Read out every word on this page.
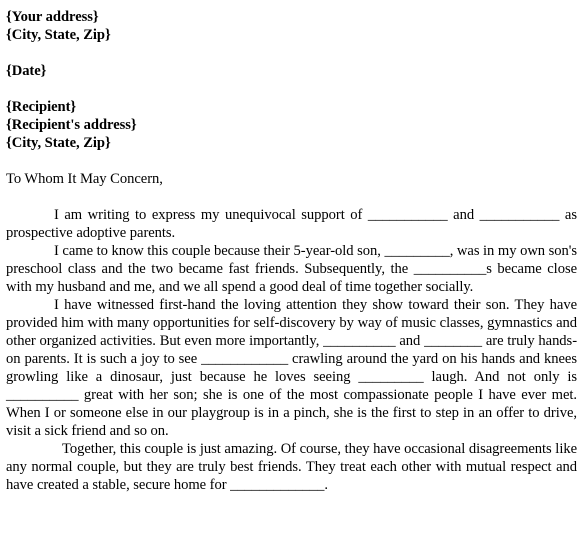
{Your address}
{City, State, Zip}
{Date}
{Recipient}
{Recipient's address}
{City, State, Zip}
To Whom It May Concern,

I am writing to express my unequivocal support of ___________ and ___________ as prospective adoptive parents.

I came to know this couple because their 5-year-old son, _________, was in my own son's preschool class and the two became fast friends. Subsequently, the __________s became close with my husband and me, and we all spend a good deal of time together socially.

I have witnessed first-hand the loving attention they show toward their son. They have provided him with many opportunities for self-discovery by way of music classes, gymnastics and other organized activities. But even more importantly, __________ and ________ are truly hands-on parents. It is such a joy to see ____________ crawling around the yard on his hands and knees growling like a dinosaur, just because he loves seeing _________ laugh. And not only is __________ great with her son; she is one of the most compassionate people I have ever met. When I or someone else in our playgroup is in a pinch, she is the first to step in an offer to drive, visit a sick friend and so on.

Together, this couple is just amazing. Of course, they have occasional disagreements like any normal couple, but they are truly best friends. They treat each other with mutual respect and have created a stable, secure home for _____________.
